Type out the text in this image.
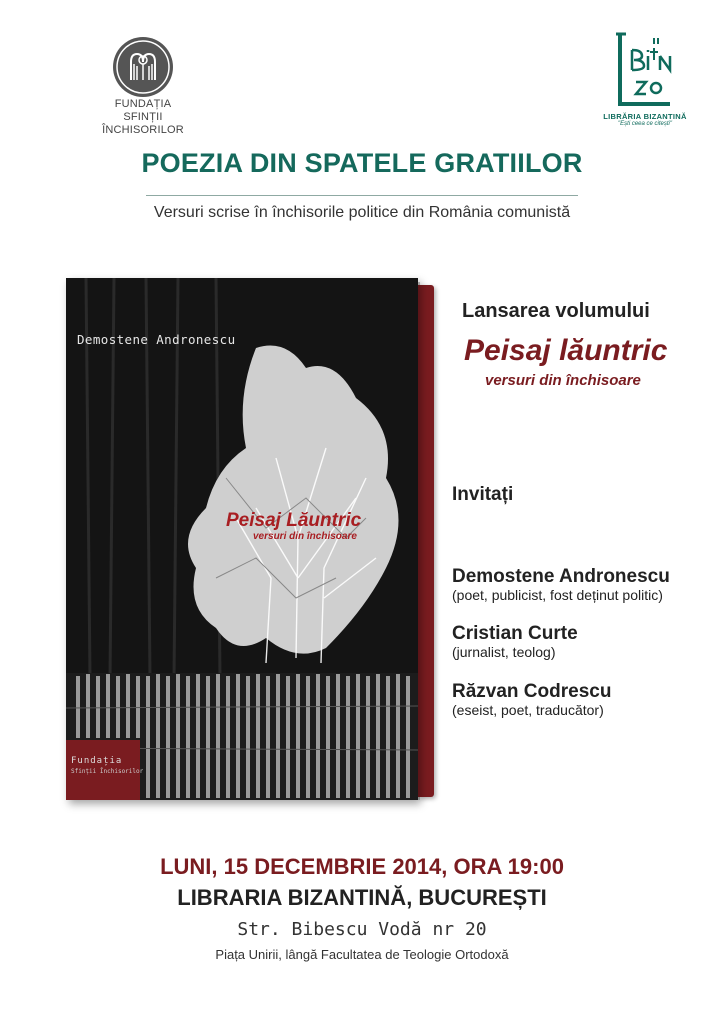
FUNDAȚIA
SFINȚII ÎNCHISORILOR
LIBRĂRIA BIZANTINĂ
"Ești ceea ce citești"
POEZIA DIN SPATELE GRATIILOR
Versuri scrise în închisorile politice din România comunistă
Demostene Andronescu
Peisaj Lăuntric
versuri din închisoare
Fundația
Sfinții Închisorilor
Lansarea volumului
Peisaj lăuntric
versuri din închisoare
Invitați
Demostene Andronescu
(poet, publicist, fost deținut politic)
Cristian Curte
(jurnalist, teolog)
Răzvan Codrescu
(eseist, poet, traducător)
LUNI, 15 DECEMBRIE 2014, ORA 19:00
LIBRARIA BIZANTINĂ, BUCUREȘTI
Str. Bibescu Vodă nr 20
Piața Unirii, lângă Facultatea de Teologie Ortodoxă
